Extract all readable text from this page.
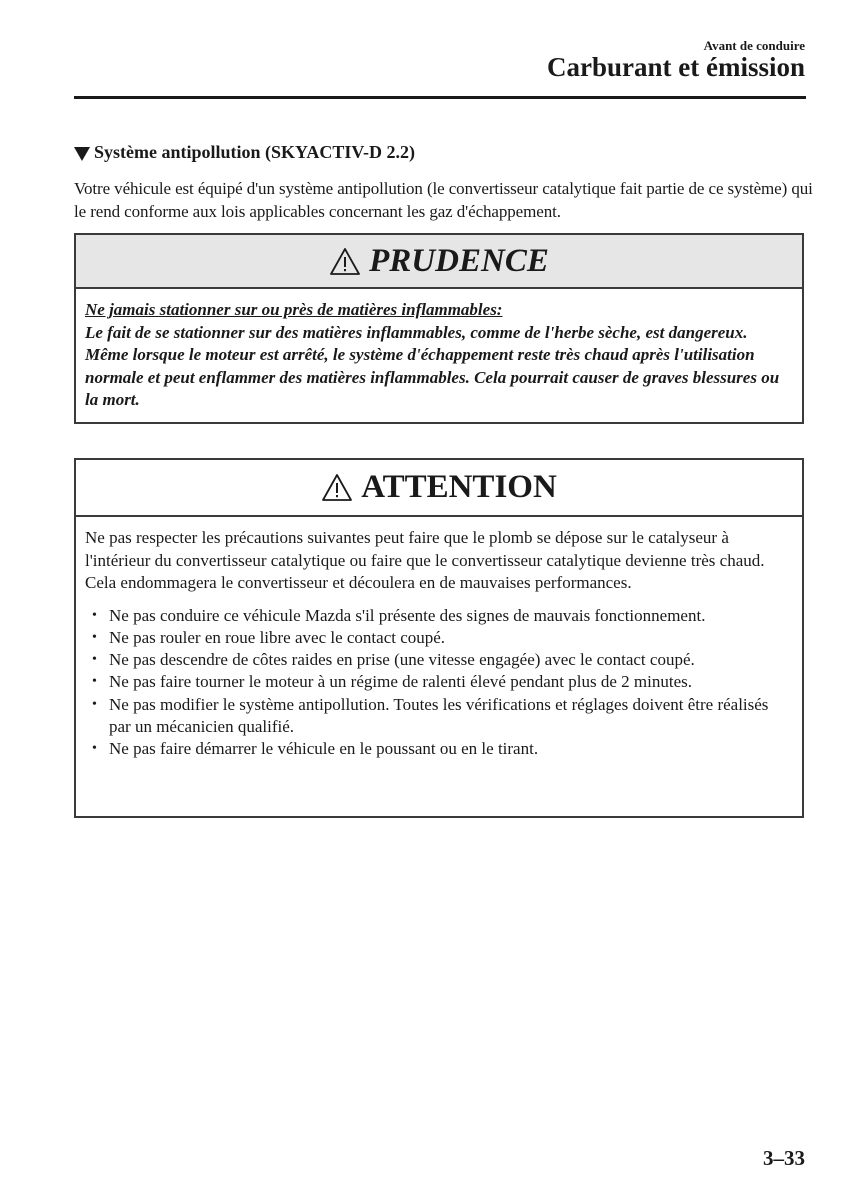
Avant de conduire
Carburant et émission
Système antipollution (SKYACTIV-D 2.2)
Votre véhicule est équipé d'un système antipollution (le convertisseur catalytique fait partie de ce système) qui le rend conforme aux lois applicables concernant les gaz d'échappement.
PRUDENCE
Ne jamais stationner sur ou près de matières inflammables:
Le fait de se stationner sur des matières inflammables, comme de l'herbe sèche, est dangereux. Même lorsque le moteur est arrêté, le système d'échappement reste très chaud après l'utilisation normale et peut enflammer des matières inflammables. Cela pourrait causer de graves blessures ou la mort.
ATTENTION
Ne pas respecter les précautions suivantes peut faire que le plomb se dépose sur le catalyseur à l'intérieur du convertisseur catalytique ou faire que le convertisseur catalytique devienne très chaud. Cela endommagera le convertisseur et découlera en de mauvaises performances.
• Ne pas conduire ce véhicule Mazda s'il présente des signes de mauvais fonctionnement.
• Ne pas rouler en roue libre avec le contact coupé.
• Ne pas descendre de côtes raides en prise (une vitesse engagée) avec le contact coupé.
• Ne pas faire tourner le moteur à un régime de ralenti élevé pendant plus de 2 minutes.
• Ne pas modifier le système antipollution. Toutes les vérifications et réglages doivent être réalisés par un mécanicien qualifié.
• Ne pas faire démarrer le véhicule en le poussant ou en le tirant.
3–33
